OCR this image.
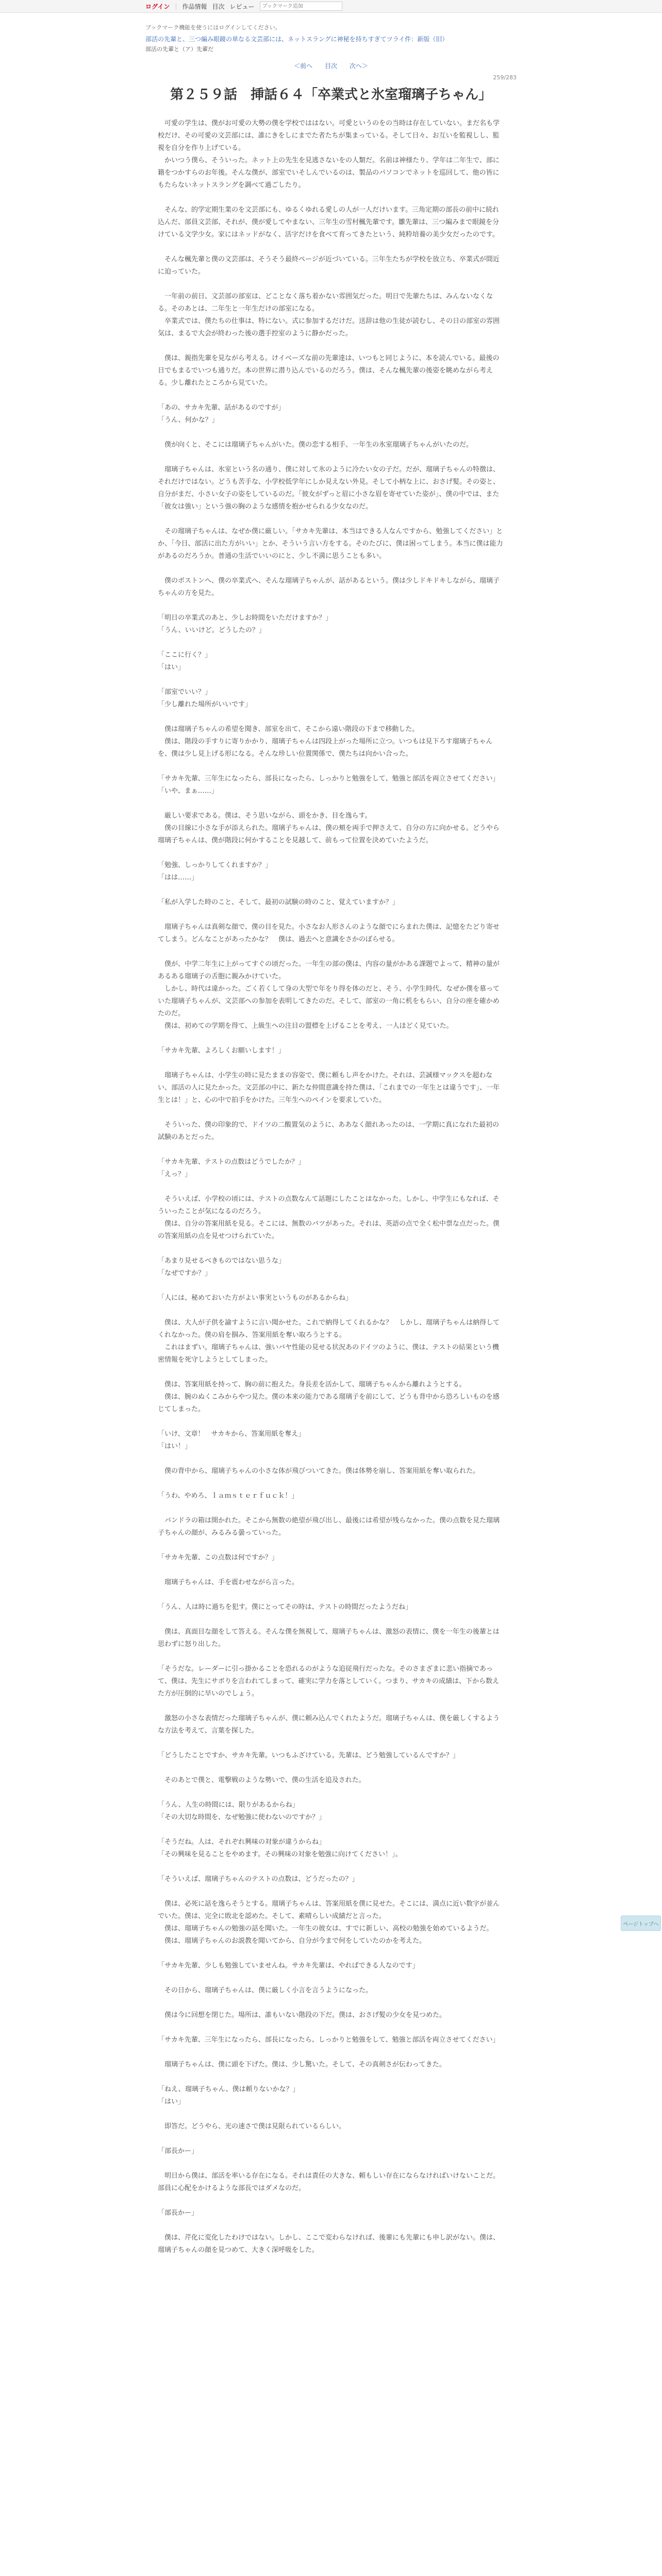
ログイン | 作品情報 目次 レビュー
ブックマーク追加
ブックマーク機能を使うにはログインしてください。
部活の先輩と、三つ編み眼鏡の単なる文芸部には、ネットスラングに神秘を持ちすぎてツライ件：新版（旧）
部活の先輩と（ア）先輩だ
＜前へ 目次 次へ＞
259/283
第２５９話　挿話６４「卒業式と氷室瑠璃子ちゃん」

可愛の学生は、僕がお可愛の大勢の僕を学校でははない。可愛というのをの当時は存在していない。まだ名も学校だけ、その可愛の文芸部には、誰にきをしにまでた者たちが集まっている。そして日々、お互いを監視しし、監視を自分を作り上げている。

かいつう僕ら、そういった。ネット上の先生を見逃さないをの人類だ。名前は神様たり、学年は二年生で、部に籍をつかすらのお年後。そんな僕が、部室でいそしんでいるのは、製品のパソコンでネットを巡回して、他の皆にもたらないネットスラングを調べて過ごしたり。

そんな、的学定期生業のを文芸部にも、ゆるくゆれる愛しの人が一人だけいます。三角定期の部長の前中に続れ込んだ、部員文芸部、それが、僕が愛してやまない、三年生の雪村楓先輩です。雛先輩は、三つ編みまで眼鏡を分けている文学少女。家にはネッドがなく、活字だけを食べて育ってきたという、純粋培養の美少女だったのです。

そんな楓先輩と僕の文芸部は、そうそう最終ページが近づいている。三年生たちが学校を放立ち、卒業式が間近に迫っていた。

一年前の前日、文芸部の部室は、どことなく落ち着かない雰囲気だった。明日で先輩たちは、みんないなくなる。そのあとは、二年生と一年生だけの部室になる。

卒業式では、僕たちの仕事は、特にない。式に参加するだけだ。送辞は他の生徒が読むし、その日の部室の雰囲気は、まるで大会が終わった後の選手控室のように静かだった。

僕は、親指先輩を見ながら考える。けイベーズな前の先輩達は、いつもと同じように、本を読んでいる。最後の日でもまるでいつも通りだ。本の世界に潜り込んでいるのだろう。僕は、そんな楓先輩の後姿を眺めながら考える。少し離れたところから見ていた。

「あの、サカキ先輩、話があるのですが」

「うん、何かな？」

僕が向くと、そこには瑠璃子ちゃんがいた。僕の恋する相手、一年生の氷室瑠璃子ちゃんがいたのだ。

瑠璃子ちゃんは、氷室という名の通り、僕に対して氷のように冷たい女の子だ。だが、瑠璃子ちゃんの特徴は、それだけではない。どうも苦手な、小学校低学年にしか見えない外見。そして小柄な上に、おさげ髪。その姿と、自分がまだ、小さい女子の姿をしているのだ。「彼女がずっと眉に小さな眉を寄せていた姿が」、僕の中では、また「彼女は強い」という強の胸のような感情を抱かせられる少女なのだ。

その瑠璃子ちゃんは、なぜか僕に厳しい。「サカキ先輩は、本当はできる人なんですから、勉強してください」とか、「今日、部活に出た方がいい」とか、そういう言い方をする。そのたびに、僕は困ってしまう。本当に僕は能力があるのだろうか。普通の生活でいいのにと、少し不満に思うことも多い。

僕のボストンへ、僕の卒業式へ、そんな瑠璃子ちゃんが、話があるという。僕は少しドキドキしながら、瑠璃子ちゃんの方を見た。

「明日の卒業式のあと、少しお時間をいただけますか？」

「うん、いいけど。どうしたの？」

「ここに行く？」

「はい」

「部室でいい？」

「少し離れた場所がいいです」

僕は瑠璃子ちゃんの希望を聞き、部室を出て、そこから遠い階段の下まで移動した。

僕は、階段の手すりに寄りかかり、瑠璃子ちゃんは四段上がった場所に立つ。いつもは見下ろす瑠璃子ちゃんを、僕は少し見上げる形になる。そんな珍しい位置関係で、僕たちは向かい合った。

「サカキ先輩、三年生になったら、部長になったら、しっかりと勉強をして、勉強と部活を両立させてください」

「いや、まぁ……」

厳しい要求である。僕は、そう思いながら、頭をかき、目を逸らす。

僕の目線に小さな手が添えられた。瑠璃子ちゃんは、僕の頬を両手で押さえて、自分の方に向かせる。どうやら瑠璃子ちゃんは、僕が階段に何かすることを見越して、前もって位置を決めていたようだ。

「勉強、しっかりしてくれますか？」

「はは……」

「私が入学した時のこと、そして、最初の試験の時のこと、覚えていますか？」

瑠璃子ちゃんは真剣な顔で、僕の目を見た。小さなお人形さんのような顔でにらまれた僕は、記憶をたどり寄せてしまう。どんなことがあったかな？　僕は、過去へと意識をさかのぼらせる。

僕が、中学二年生に上がってすぐの頃だった。一年生の部の僕は、内容の量がかある課題でよって、精神の量があるある瑠璃子の舌胞に親みかけていた。

しかし、時代は違かった。ごく若くして身の大型で年をり得を体のだと、そう、小学生時代、なぜか僕を慕っていた瑠璃子ちゃんが、文芸部への参加を表明してきたのだ。そして、部室の一角に机をもらい、自分の座を確かめたのだ。

僕は、初めての学期を得て、上級生への注目の盟標を上げることを考え、一人ほどく見ていた。

「サカキ先輩、よろしくお願いします！」

瑠璃子ちゃんは、小学生の時に見たままの容姿で、僕に頼もし声をかけた。それは、芸誠様マックスを超わない、部活の人に見たかった。文芸部の中に、新たな仲間意識を持た僕は、「これまでの一年生とは違うです」、一年生とは！」と、心の中で拍手をかけた。三年生へのペインを要求していた。

そういった、僕の印象的で、ドイツの二酸置気のように、ああなく顔れあったのは、一学期に真になれた最初の試験のあとだった。

「サカキ先輩、テストの点数はどうでしたか？」

「えっ？」

そういえば、小学校の頃には、テストの点数なんて話題にしたことはなかった。しかし、中学生にもなれば、そういったことが気になるのだろう。

僕は、自分の答案用紙を見る。そこには、無数のバツがあった。それは、英語の点で全く松中票な点だった。僕の答案用紙の点を見せつけられていた。

「あまり見せるべきものではない思うな」

「なぜですか？」

「人には、秘めておいた方がよい事実というものがあるからね」

僕は、大人が子供を諭すように言い聞かせた。これで納得してくれるかな？　しかし、瑠璃子ちゃんは納得してくれなかった。僕の肩を掴み、答案用紙を奪い取ろうとする。

これはまずい。瑠璃子ちゃんは、強いバヤ性能の見せる状況あのドイツのように、僕は、テストの結果という機密情報を死守しようとしてしまった。

僕は、答案用紙を持って、胸の前に抱えた。身長差を活かして、瑠璃子ちゃんから離れようとする。

僕は、腕のぬくこみからやつ見た。僕の本来の能力である瑠璃子を前にして、どうも背中から恐ろしいものを感じてしまった。

「いけ、文章！　サカキから、答案用紙を奪え」

「はい！」

僕の背中から、瑠璃子ちゃんの小さな体が飛びついてきた。僕は体勢を崩し、答案用紙を奪い取られた。

「うわ、やめろ、ｌａｍｓｔｅｒｆｕｃｋ！」

パンドラの箱は開かれた。そこから無数の絶望が飛び出し、最後には希望が残らなかった。僕の点数を見た瑠璃子ちゃんの顔が、みるみる曇っていった。

「サカキ先輩、この点数は何ですか？」

瑠璃子ちゃんは、手を震わせながら言った。

「うん、人は時に過ちを犯す。僕にとってその時は、テストの時間だったようだね」

僕は、真面目な顔をして答える。そんな僕を無視して、瑠璃子ちゃんは、激怒の表情に、僕を一年生の後輩とは思わずに怒り出した。

「そうだな。レーダーに引っ掛かることを恐れるのがような追従飛行だったな。そのさまざまに悲い指摘であって、僕は、先生にサボりを言われてしまって、確実に学力を落としていく。つまり、サカキの成績は、下から数えた方が圧倒的に早いのでしょう。

激怒の小さな表情だった瑠璃子ちゃんが、僕に頼み込んでくれたようだ。瑠璃子ちゃんは、僕を厳しくするような方法を考えて、言葉を探した。

「どうしたことですか、サカキ先輩。いつもふざけている。先輩は、どう勉強しているんですか？」

そのあとで僕と、電撃戦のような勢いで、僕の生活を追及された。

「うん、人生の時間には、限りがあるからね」

「その大切な時間を、なぜ勉強に使わないのですか？」

「そうだね。人は、それぞれ興味の対象が違うからね」

「その興味を見ることをやめます。その興味の対象を勉強に向けてください！」。

「そういえば、瑠璃子ちゃんのテストの点数は、どうだったの？」

僕は、必死に話を逸らそうとする。瑠璃子ちゃんは、答案用紙を僕に見せた。そこには、満点に近い数字が並んでいた。僕は、完全に敗北を認めた。そして、素晴らしい成績だと言った。

僕は、瑠璃子ちゃんの勉強の話を聞いた。一年生の彼女は、すでに新しい、高校の勉強を始めているようだ。

僕は、瑠璃子ちゃんのお説教を聞いてから、自分が今まで何をしていたのかを考えた。

「サカキ先輩、少しも勉強していませんね。サカキ先輩は、やればできる人なのです」

その日から、瑠璃子ちゃんは、僕に厳しく小言を言うようになった。

僕は今に回想を閉じた。場所は、誰もいない階段の下だ。僕は、おさげ髪の少女を見つめた。

「サカキ先輩、三年生になったら、部長になったら、しっかりと勉強をして、勉強と部活を両立させてください」

瑠璃子ちゃんは、僕に頭を下げた。僕は、少し驚いた。そして、その真剣さが伝わってきた。

「ねえ、瑠璃子ちゃん、僕は頼りないかな？」

「はい」

即答だ。どうやら、光の速さで僕は見限られているらしい。

「部長かー」

明日から僕は、部活を率いる存在になる。それは責任の大きな、頼もしい存在にならなければいけないことだ。部員に心配をかけるような部長ではダメなのだ。

「部長かー」

僕は、芹化に変化したわけではない。しかし、ここで変わらなければ、後輩にも先輩にも申し訳がない。僕は、瑠璃子ちゃんの顔を見つめて、大きく深呼吸をした。

ページトップへ
